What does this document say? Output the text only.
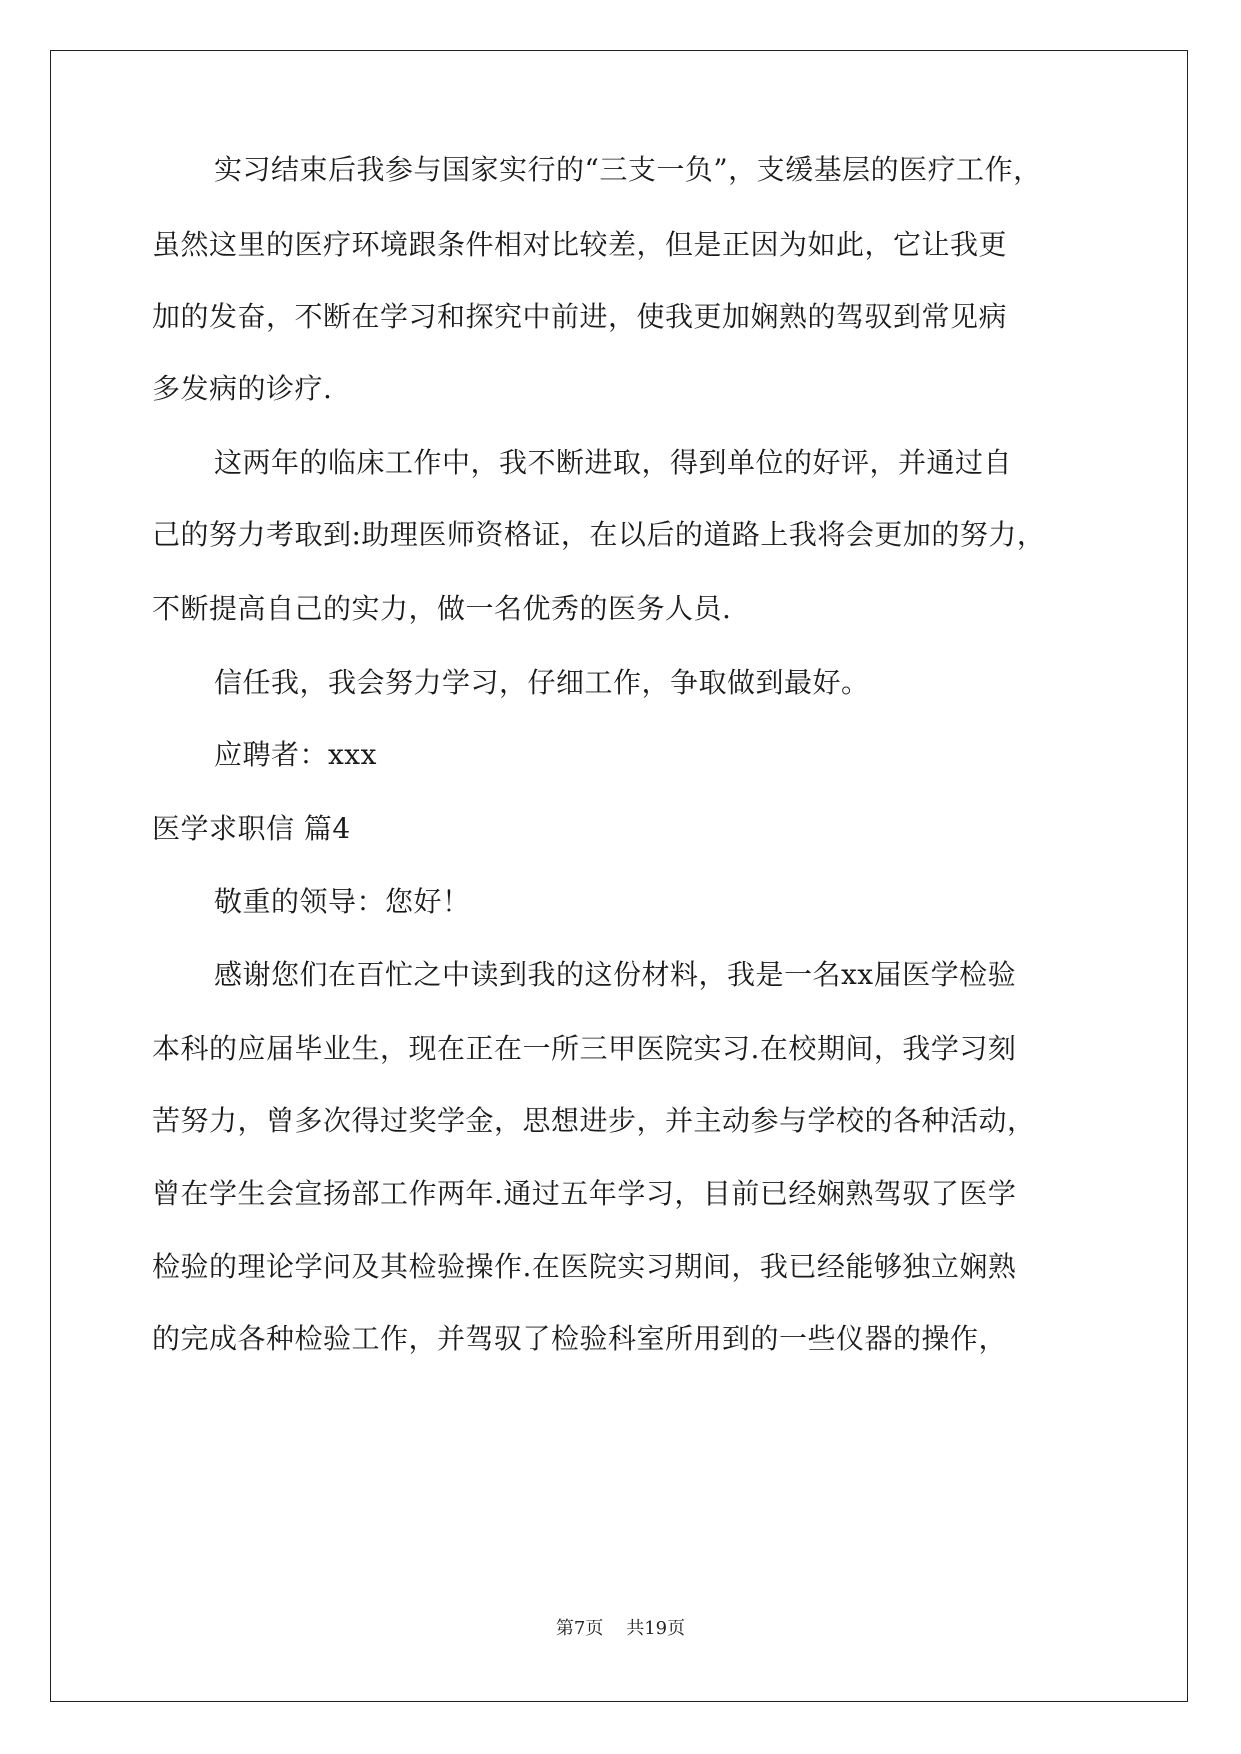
实习结束后我参与国家实行的“三支一负”，支缓基层的医疗工作，
虽然这里的医疗环境跟条件相对比较差，但是正因为如此，它让我更
加的发奋，不断在学习和探究中前进，使我更加娴熟的驾驭到常见病
多发病的诊疗.
这两年的临床工作中，我不断进取，得到单位的好评，并通过自
己的努力考取到:助理医师资格证，在以后的道路上我将会更加的努力，
不断提高自己的实力，做一名优秀的医务人员.
信任我，我会努力学习，仔细工作，争取做到最好。
应聘者：xxx
医学求职信 篇4
敬重的领导：您好！
感谢您们在百忙之中读到我的这份材料，我是一名xx届医学检验
本科的应届毕业生，现在正在一所三甲医院实习.在校期间，我学习刻
苦努力，曾多次得过奖学金，思想进步，并主动参与学校的各种活动，
曾在学生会宣扬部工作两年.通过五年学习，目前已经娴熟驾驭了医学
检验的理论学问及其检验操作.在医院实习期间，我已经能够独立娴熟
的完成各种检验工作，并驾驭了检验科室所用到的一些仪器的操作，
第7页 共19页
